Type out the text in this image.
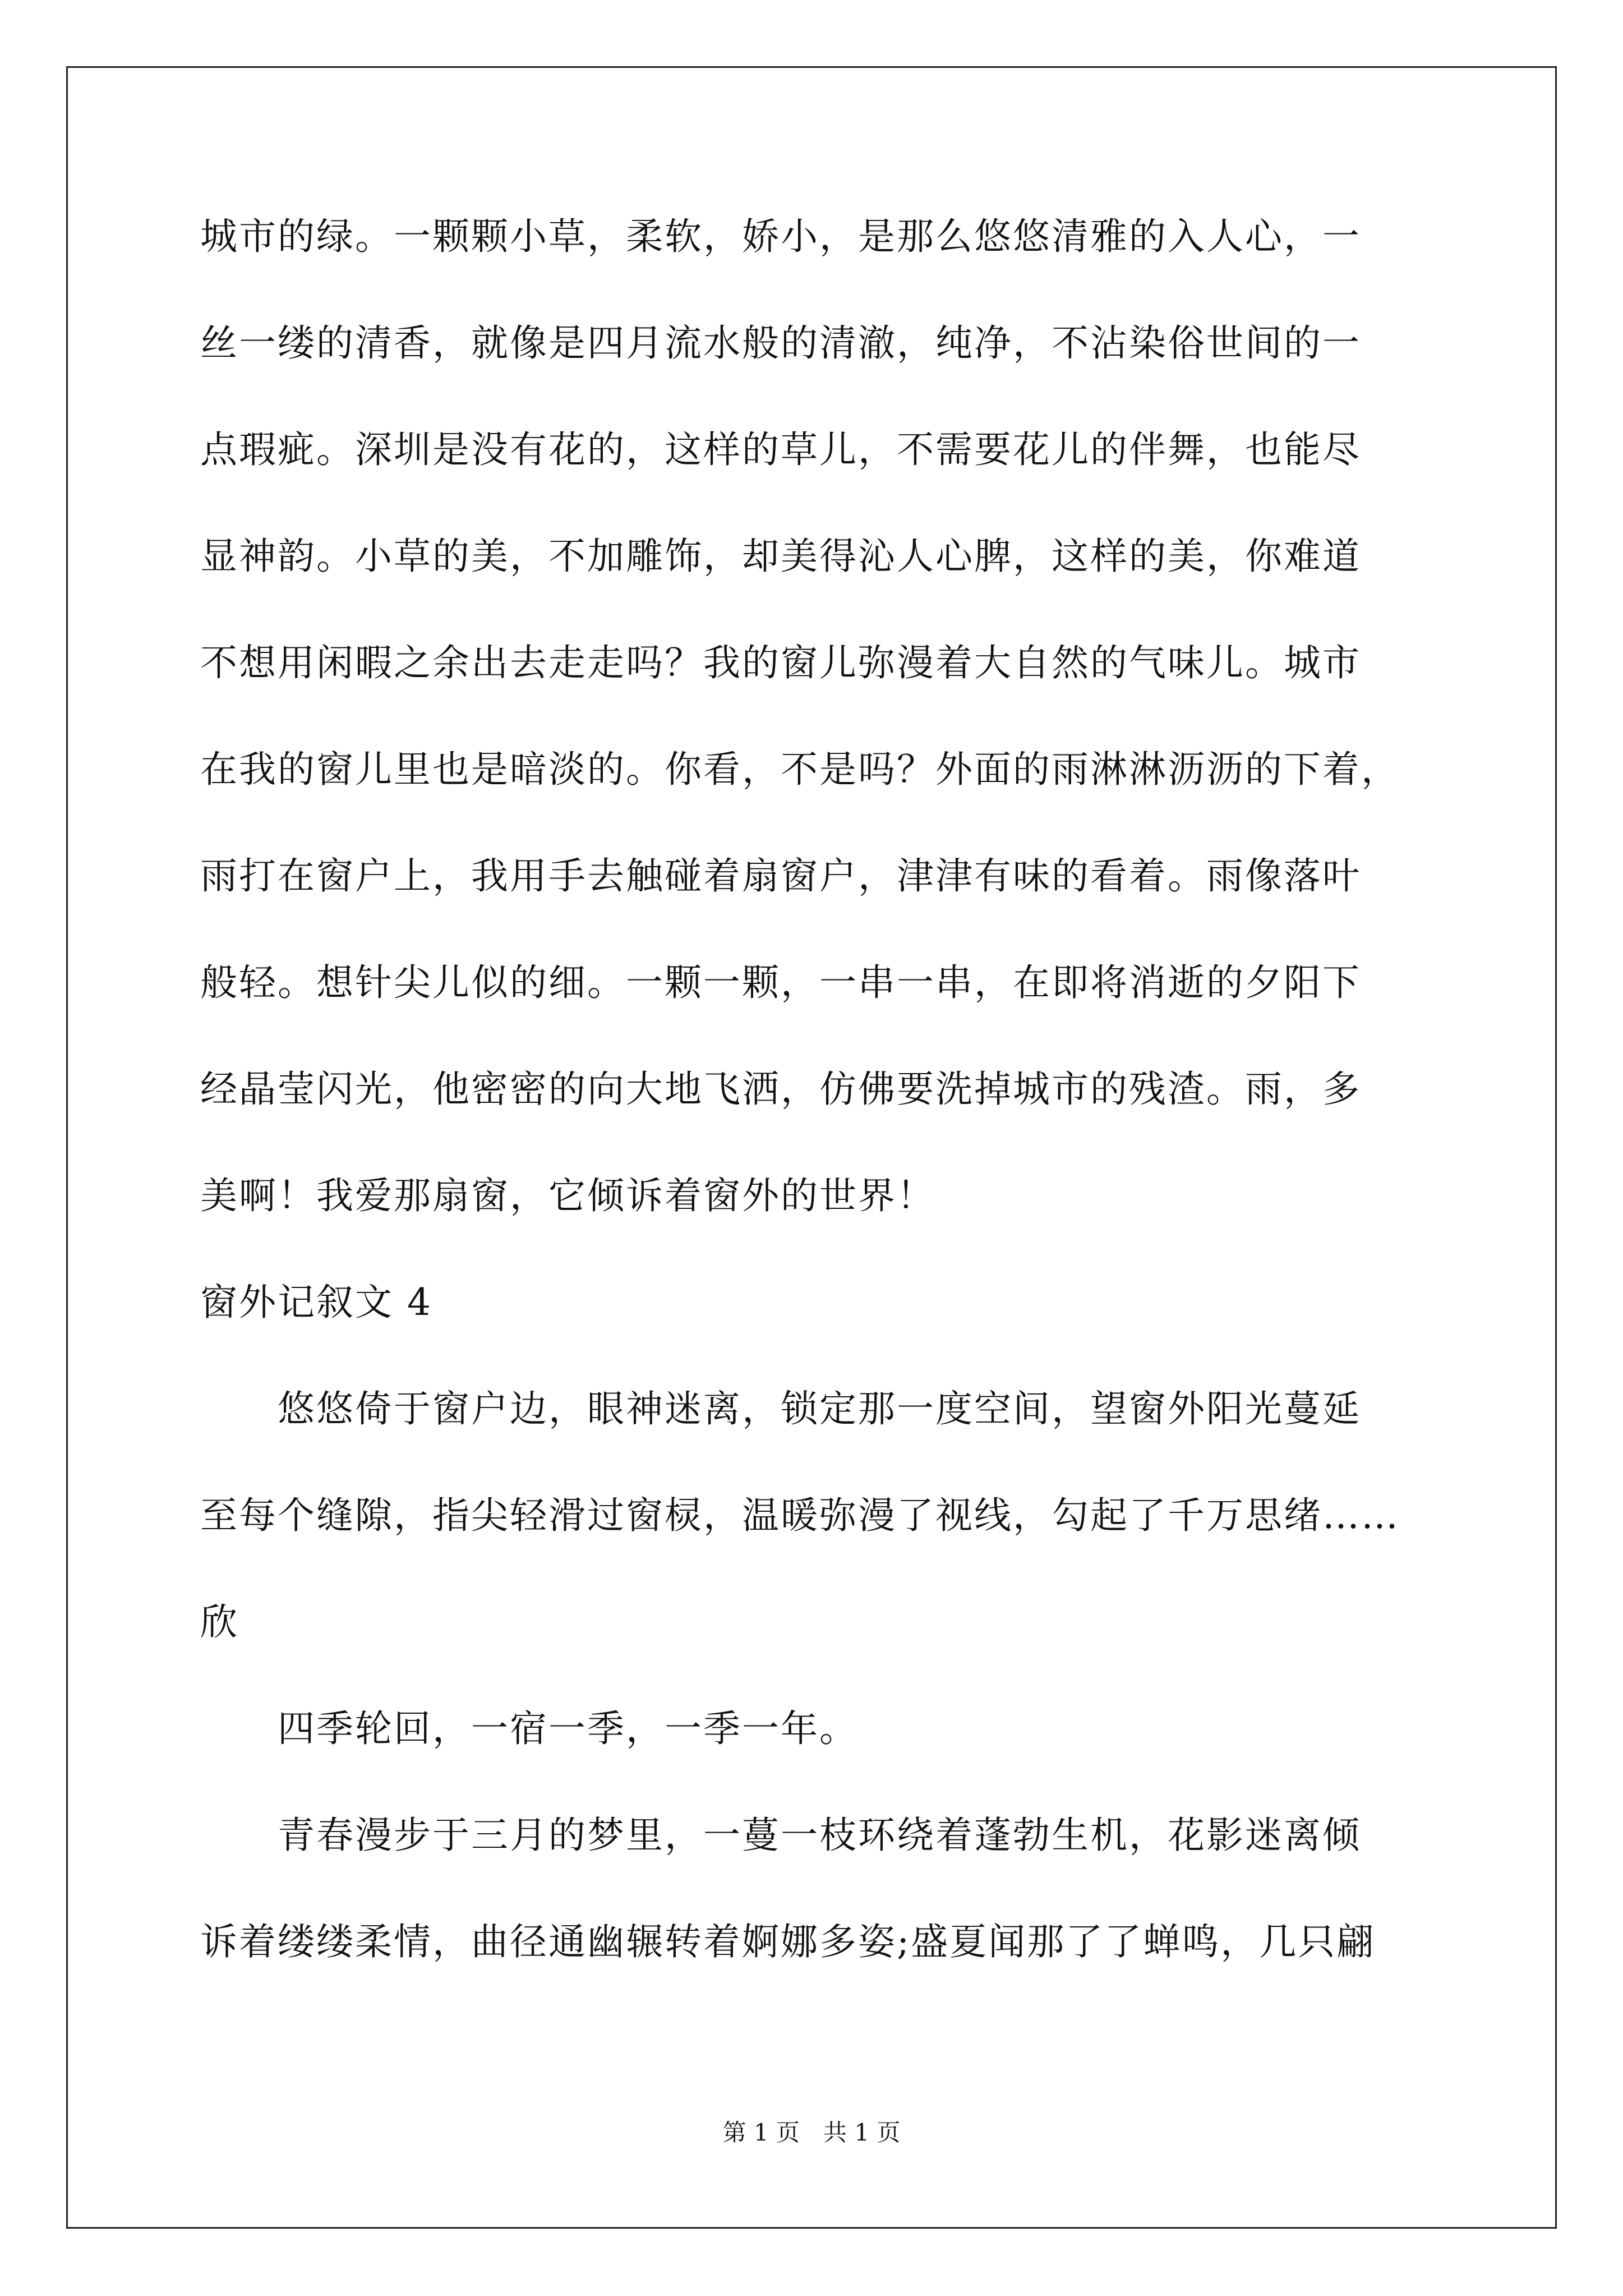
城市的绿。一颗颗小草，柔软，娇小，是那么悠悠清雅的入人心，一
丝一缕的清香，就像是四月流水般的清澈，纯净，不沾染俗世间的一
点瑕疵。深圳是没有花的，这样的草儿，不需要花儿的伴舞，也能尽
显神韵。小草的美，不加雕饰，却美得沁人心脾，这样的美，你难道
不想用闲暇之余出去走走吗？我的窗儿弥漫着大自然的气味儿。城市
在我的窗儿里也是暗淡的。你看，不是吗？外面的雨淋淋沥沥的下着，
雨打在窗户上，我用手去触碰着扇窗户，津津有味的看着。雨像落叶
般轻。想针尖儿似的细。一颗一颗，一串一串，在即将消逝的夕阳下
经晶莹闪光，他密密的向大地飞洒，仿佛要洗掉城市的残渣。雨，多
美啊！我爱那扇窗，它倾诉着窗外的世界！
窗外记叙文 4
　　悠悠倚于窗户边，眼神迷离，锁定那一度空间，望窗外阳光蔓延
至每个缝隙，指尖轻滑过窗棂，温暖弥漫了视线，勾起了千万思绪……
欣
　　四季轮回，一宿一季，一季一年。
　　青春漫步于三月的梦里，一蔓一枝环绕着蓬勃生机，花影迷离倾
诉着缕缕柔情，曲径通幽辗转着婀娜多姿;盛夏闻那了了蝉鸣，几只翩
第 1 页　共 1 页
